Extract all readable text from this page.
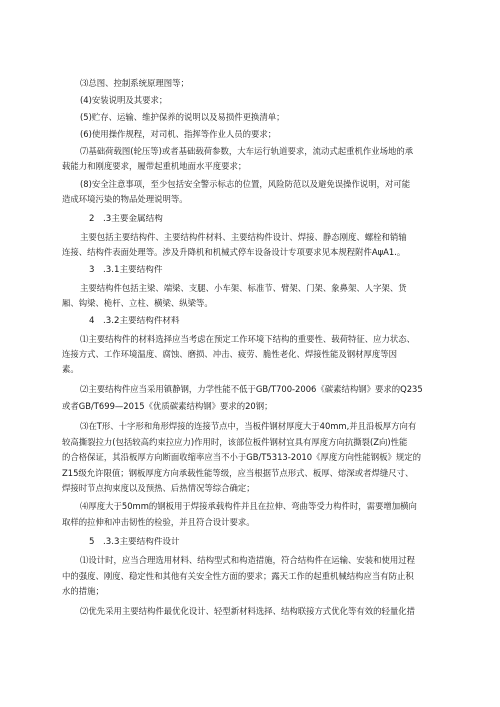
⑶总图、控制系统原理图等；
(4)安装说明及其要求；
(5)贮存、运输、维护保养的说明以及易损件更换清单；
(6)使用操作规程，对司机、指挥等作业人员的要求；
⑺基础荷载图(轮压等)或者基础载荷参数，大车运行轨道要求，流动式起重机作业场地的承
载能力和刚度要求，履带起重机地面水平度要求；
(8)安全注意事项，至少包括安全警示标志的位置，风险防范以及避免误操作说明，对可能
造成环境污染的物品处理说明等。
2　.3主要金属结构
主要包括主要结构件、主要结构件材料、主要结构件设计、焊接、静态刚度、螺栓和销轴
连接、结构件表面处理等。涉及升降机和机械式停车设备设计专项要求见本规程附件AψA1.。
3　.3.1主要结构件
主要结构件包括主梁、端梁、支腿、小车架、标准节、臂架、门架、象鼻架、人字架、货
厢、钩梁、桅杆、立柱、横梁、纵梁等。
4　.3.2主要结构件材料
⑴主要结构件的材料选择应当考虑在预定工作环境下结构的重要性、载荷特征、应力状态、
连接方式、工作环境温度、腐蚀、磨损、冲击、疲劳、脆性老化、焊接性能及钢材厚度等因
素。
⑵主要结构件应当采用镇静钢，力学性能不低于GB/T700-2006《碳素结构钢》要求的Q235
或者GB/T699—2015《优质碳素结构钢》要求的20钢；
⑶在T形、十字形和角形焊接的连接节点中，当板件钢材厚度大于40mm,并且沿板厚方向有
较高撕裂拉力(包括较高约束拉应力)作用时，该部位板件钢材宜具有厚度方向抗撕裂(Z向)性能
的合格保证，其沿板厚方向断面收缩率应当不小于GB/T5313-2010《厚度方向性能钢板》规定的
Z15级允许限值；钢板厚度方向承载性能等级，应当根据节点形式、板厚、熔深或者焊缝尺寸、
焊接时节点拘束度以及预热、后热情况等综合确定；
⑷厚度大于50mm的钢板用于焊接承载构件并且在拉伸、弯曲等受力构件时，需要增加横向
取样的拉伸和冲击韧性的检验，并且符合设计要求。
5　.3.3主要结构件设计
⑴设计时，应当合理选用材料、结构型式和构造措施，符合结构件在运输、安装和使用过程
中的强度、刚度、稳定性和其他有关安全性方面的要求；露天工作的起重机械结构应当有防止积
水的措施；
⑵优先采用主要结构件最优化设计、轻型新材料选择、结构联接方式优化等有效的轻量化措
